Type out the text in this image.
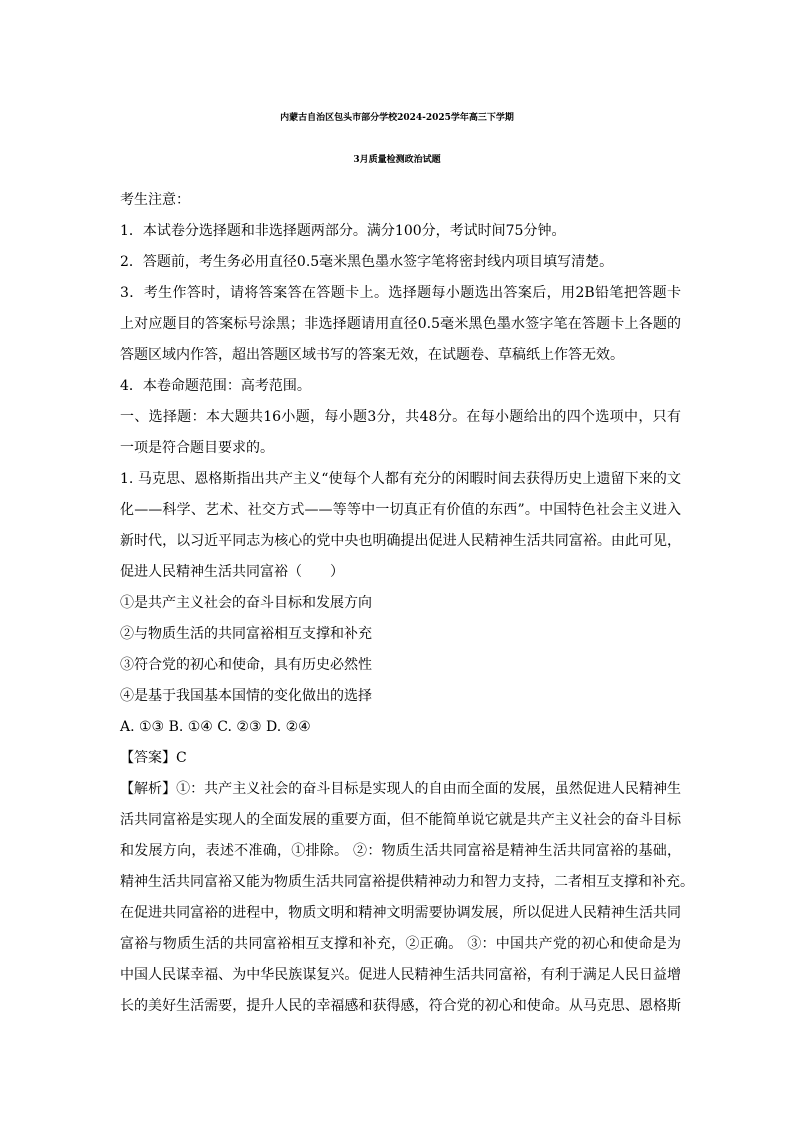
内蒙古自治区包头市部分学校2024-2025学年高三下学期
3月质量检测政治试题
考生注意：
1．本试卷分选择题和非选择题两部分。满分100分，考试时间75分钟。
2．答题前，考生务必用直径0.5毫米黑色墨水签字笔将密封线内项目填写清楚。
3．考生作答时，请将答案答在答题卡上。选择题每小题选出答案后，用2B铅笔把答题卡
上对应题目的答案标号涂黑；非选择题请用直径0.5毫米黑色墨水签字笔在答题卡上各题的
答题区域内作答，超出答题区域书写的答案无效，在试题卷、草稿纸上作答无效。
4．本卷命题范围：高考范围。
一、选择题：本大题共16小题，每小题3分，共48分。在每小题给出的四个选项中，只有
一项是符合题目要求的。
1. 马克思、恩格斯指出共产主义“使每个人都有充分的闲暇时间去获得历史上遗留下来的文
化——科学、艺术、社交方式——等等中一切真正有价值的东西”。中国特色社会主义进入
新时代，以习近平同志为核心的党中央也明确提出促进人民精神生活共同富裕。由此可见，
促进人民精神生活共同富裕（　　）
①是共产主义社会的奋斗目标和发展方向
②与物质生活的共同富裕相互支撑和补充
③符合党的初心和使命，具有历史必然性
④是基于我国基本国情的变化做出的选择
A. ①③ B. ①④ C. ②③ D. ②④
【答案】C
【解析】①：共产主义社会的奋斗目标是实现人的自由而全面的发展，虽然促进人民精神生
活共同富裕是实现人的全面发展的重要方面，但不能简单说它就是共产主义社会的奋斗目标
和发展方向，表述不准确，①排除。 ②：物质生活共同富裕是精神生活共同富裕的基础，
精神生活共同富裕又能为物质生活共同富裕提供精神动力和智力支持，二者相互支撑和补充。
在促进共同富裕的进程中，物质文明和精神文明需要协调发展，所以促进人民精神生活共同
富裕与物质生活的共同富裕相互支撑和补充，②正确。 ③：中国共产党的初心和使命是为
中国人民谋幸福、为中华民族谋复兴。促进人民精神生活共同富裕，有利于满足人民日益增
长的美好生活需要，提升人民的幸福感和获得感，符合党的初心和使命。从马克思、恩格斯
